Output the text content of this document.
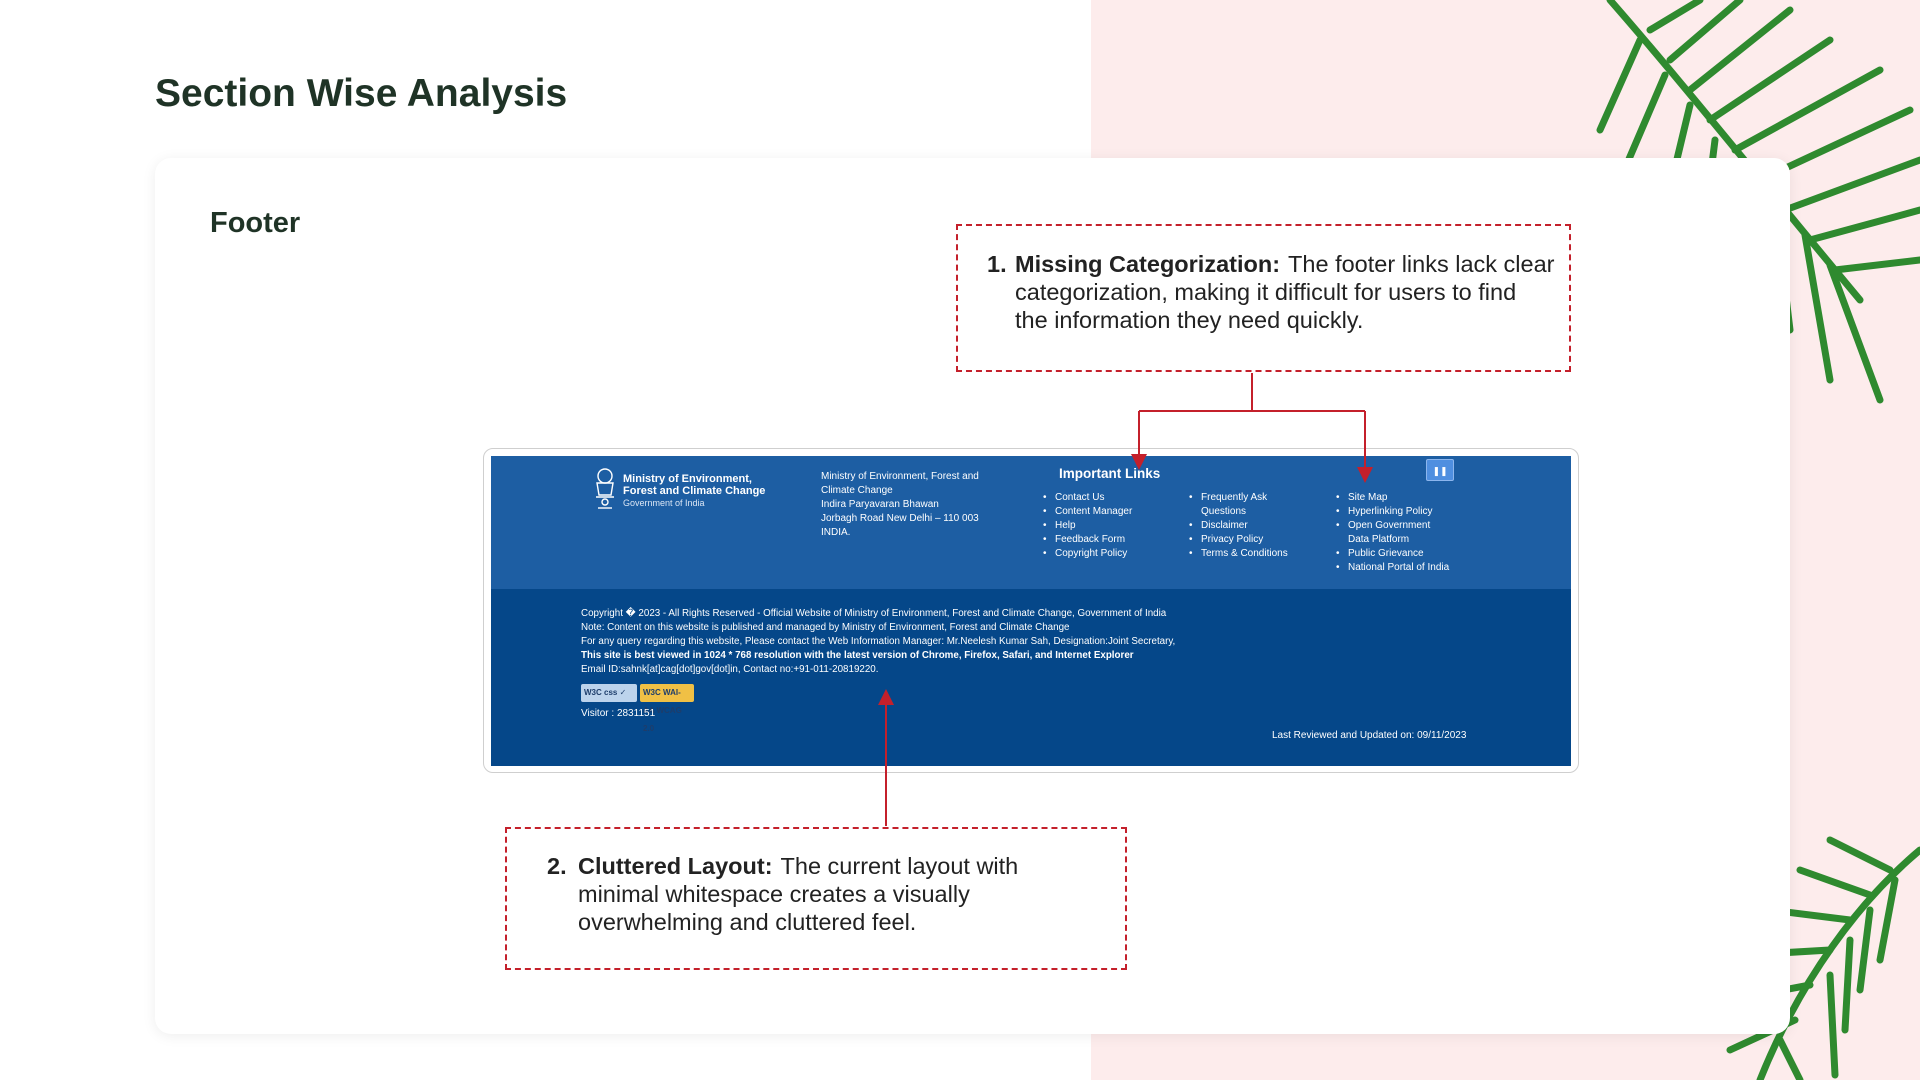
Section Wise Analysis
Footer
1. Missing Categorization: The footer links lack clear categorization, making it difficult for users to find the information they need quickly.
2. Cluttered Layout: The current layout with minimal whitespace creates a visually overwhelming and cluttered feel.
Ministry of Environment,
Forest and Climate Change
Government of India
Ministry of Environment, Forest and
Climate Change
Indira Paryavaran Bhawan
Jorbagh Road New Delhi – 110 003
INDIA.
Important Links
• Contact Us
• Content Manager
• Help
• Feedback Form
• Copyright Policy
• Frequently Ask Questions
• Disclaimer
• Privacy Policy
• Terms & Conditions
• Site Map
• Hyperlinking Policy
• Open Government Data Platform
• Public Grievance
• National Portal of India
❚❚
Copyright � 2023 - All Rights Reserved - Official Website of Ministry of Environment, Forest and Climate Change, Government of India
Note: Content on this website is published and managed by Ministry of Environment, Forest and Climate Change
For any query regarding this website, Please contact the Web Information Manager: Mr.Neelesh Kumar Sah, Designation:Joint Secretary,
This site is best viewed in 1024 * 768 resolution with the latest version of Chrome, Firefox, Safari, and Internet Explorer
Email ID:sahnk[at]cag[dot]gov[dot]in, Contact no:+91-011-20819220.
W3C css ✓ W3C WAI-AA WCAG 2.0
Visitor : 2831151
Last Reviewed and Updated on: 09/11/2023
